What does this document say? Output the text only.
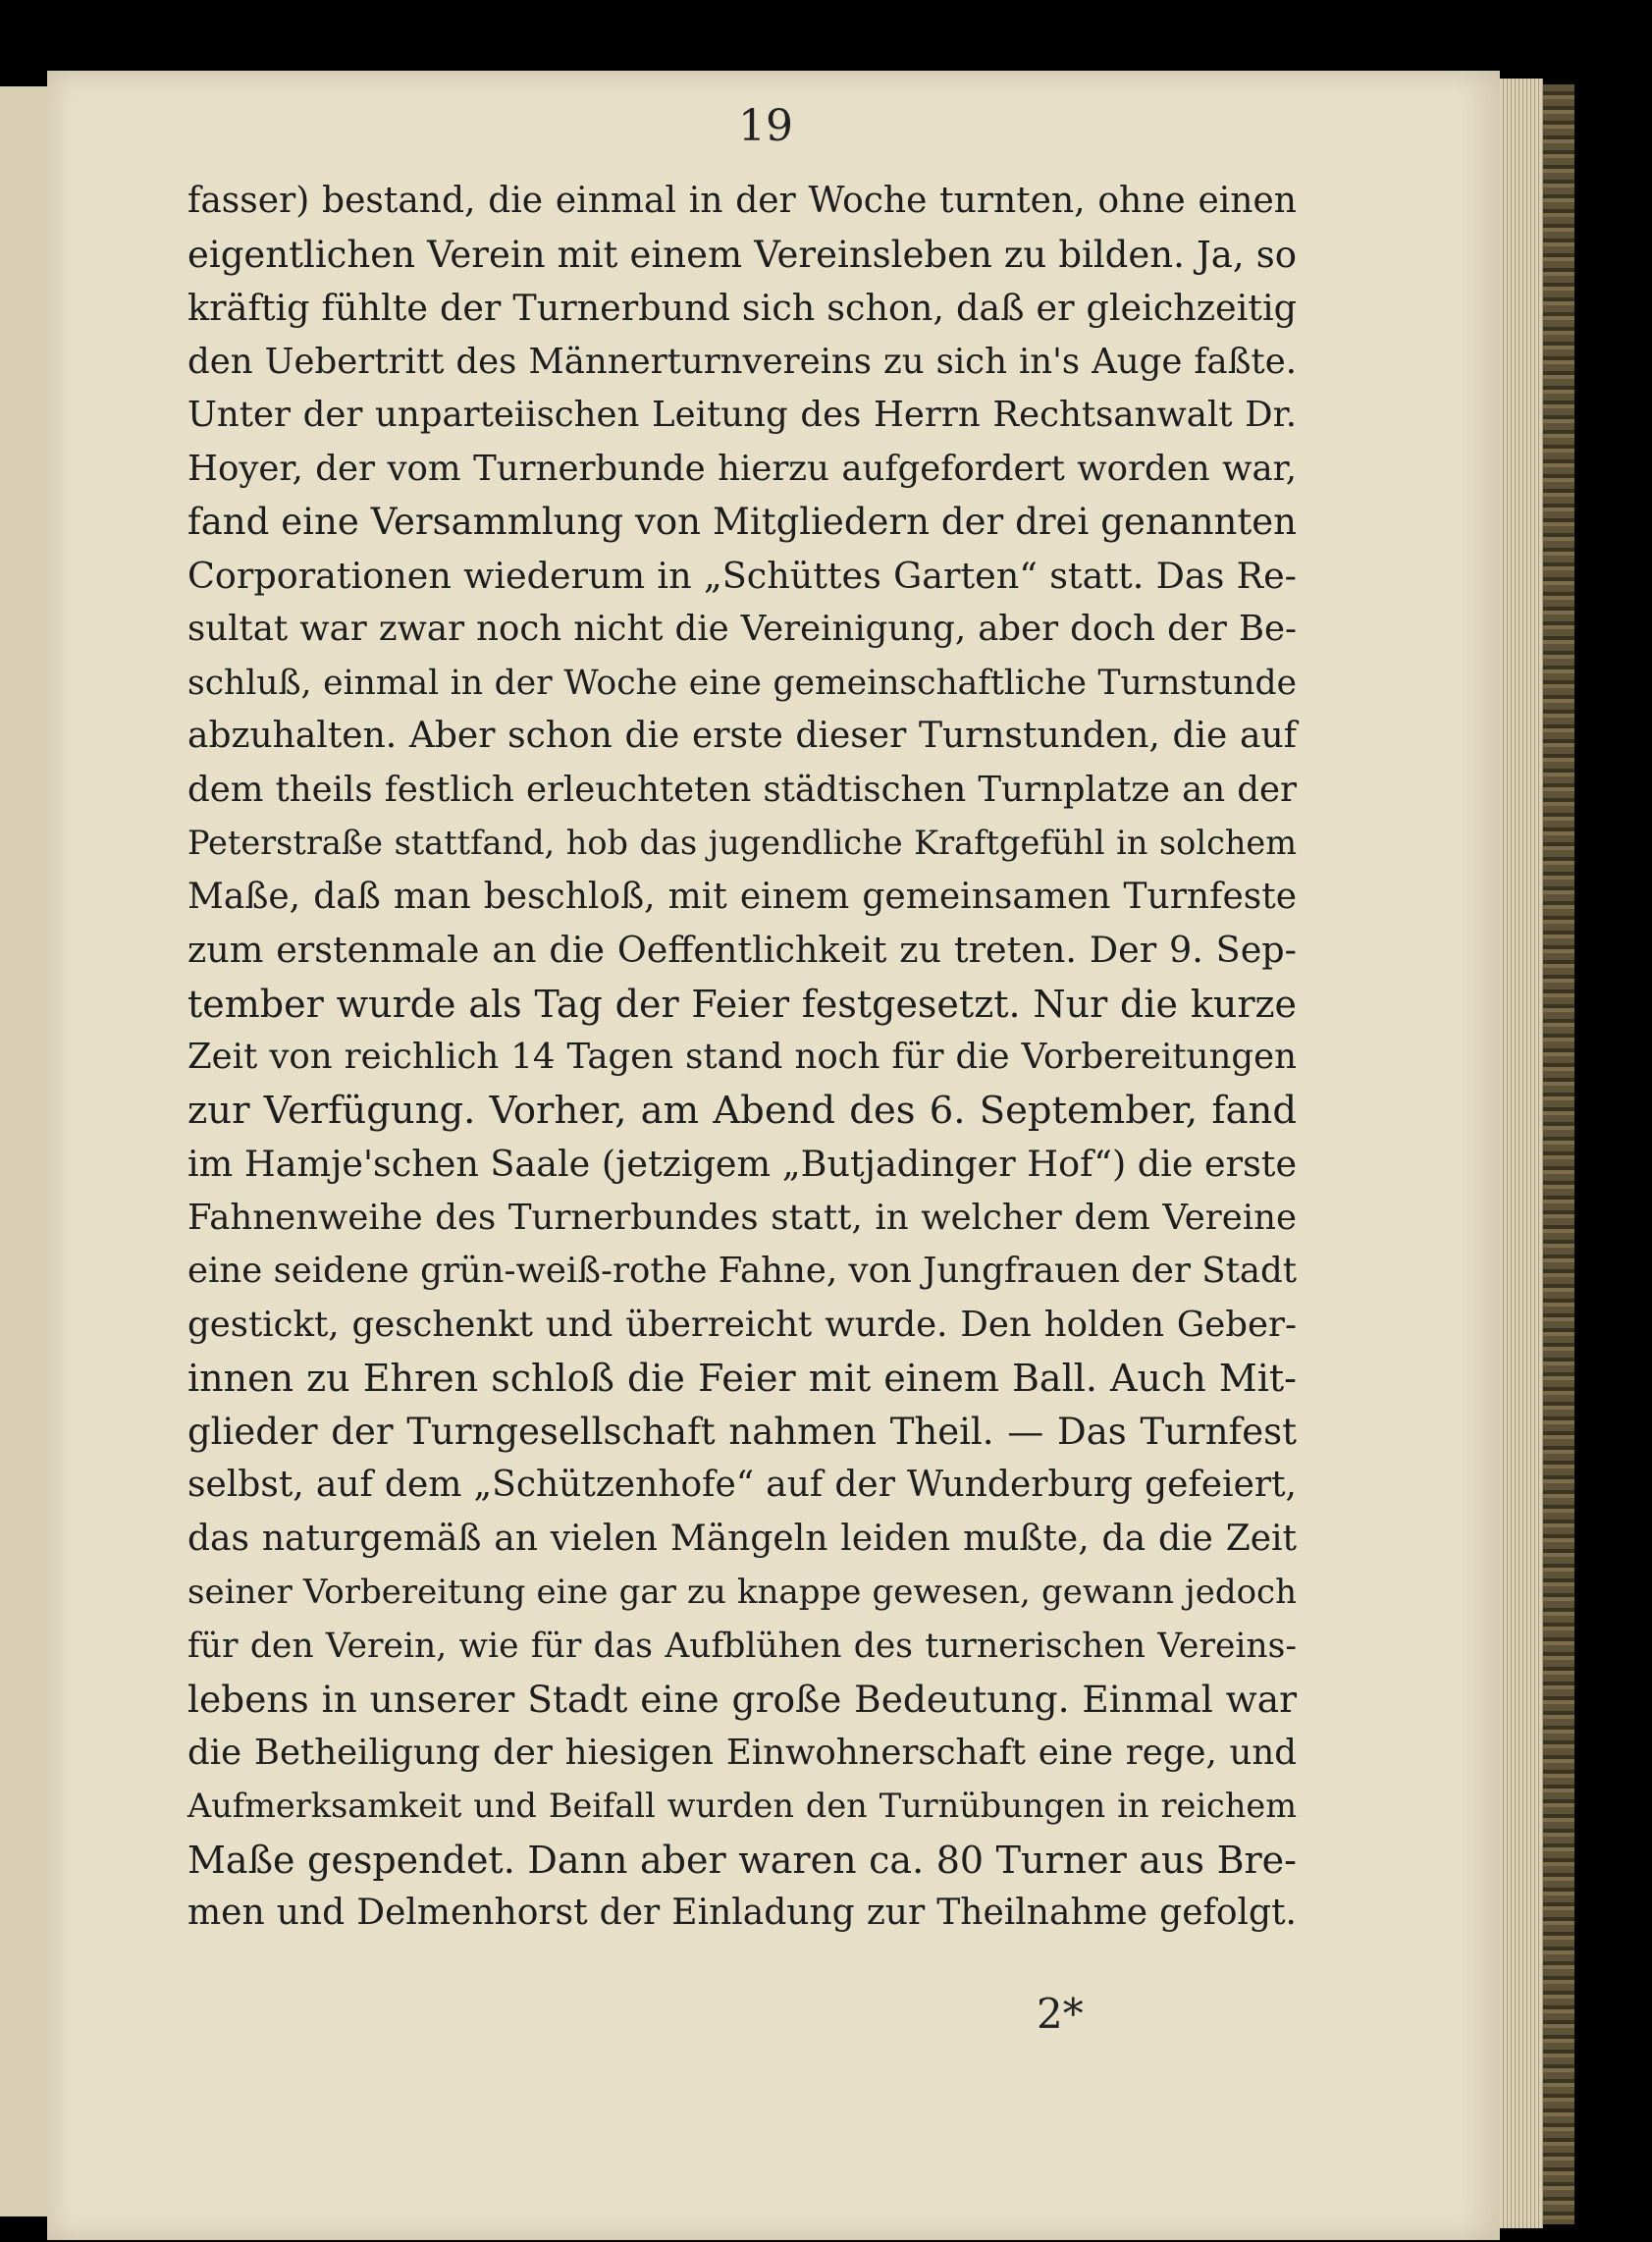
19
fasser) bestand, die einmal in der Woche turnten, ohne einen
eigentlichen Verein mit einem Vereinsleben zu bilden. Ja, so
kräftig fühlte der Turnerbund sich schon, daß er gleichzeitig
den Uebertritt des Männerturnvereins zu sich in's Auge faßte.
Unter der unparteiischen Leitung des Herrn Rechtsanwalt Dr.
Hoyer, der vom Turnerbunde hierzu aufgefordert worden war,
fand eine Versammlung von Mitgliedern der drei genannten
Corporationen wiederum in „Schüttes Garten“ statt. Das Re-
sultat war zwar noch nicht die Vereinigung, aber doch der Be-
schluß, einmal in der Woche eine gemeinschaftliche Turnstunde
abzuhalten. Aber schon die erste dieser Turnstunden, die auf
dem theils festlich erleuchteten städtischen Turnplatze an der
Peterstraße stattfand, hob das jugendliche Kraftgefühl in solchem
Maße, daß man beschloß, mit einem gemeinsamen Turnfeste
zum erstenmale an die Oeffentlichkeit zu treten. Der 9. Sep-
tember wurde als Tag der Feier festgesetzt. Nur die kurze
Zeit von reichlich 14 Tagen stand noch für die Vorbereitungen
zur Verfügung. Vorher, am Abend des 6. September, fand
im Hamje'schen Saale (jetzigem „Butjadinger Hof“) die erste
Fahnenweihe des Turnerbundes statt, in welcher dem Vereine
eine seidene grün-weiß-rothe Fahne, von Jungfrauen der Stadt
gestickt, geschenkt und überreicht wurde. Den holden Geber-
innen zu Ehren schloß die Feier mit einem Ball. Auch Mit-
glieder der Turngesellschaft nahmen Theil. — Das Turnfest
selbst, auf dem „Schützenhofe“ auf der Wunderburg gefeiert,
das naturgemäß an vielen Mängeln leiden mußte, da die Zeit
seiner Vorbereitung eine gar zu knappe gewesen, gewann jedoch
für den Verein, wie für das Aufblühen des turnerischen Vereins-
lebens in unserer Stadt eine große Bedeutung. Einmal war
die Betheiligung der hiesigen Einwohnerschaft eine rege, und
Aufmerksamkeit und Beifall wurden den Turnübungen in reichem
Maße gespendet. Dann aber waren ca. 80 Turner aus Bre-
men und Delmenhorst der Einladung zur Theilnahme gefolgt.
2*
